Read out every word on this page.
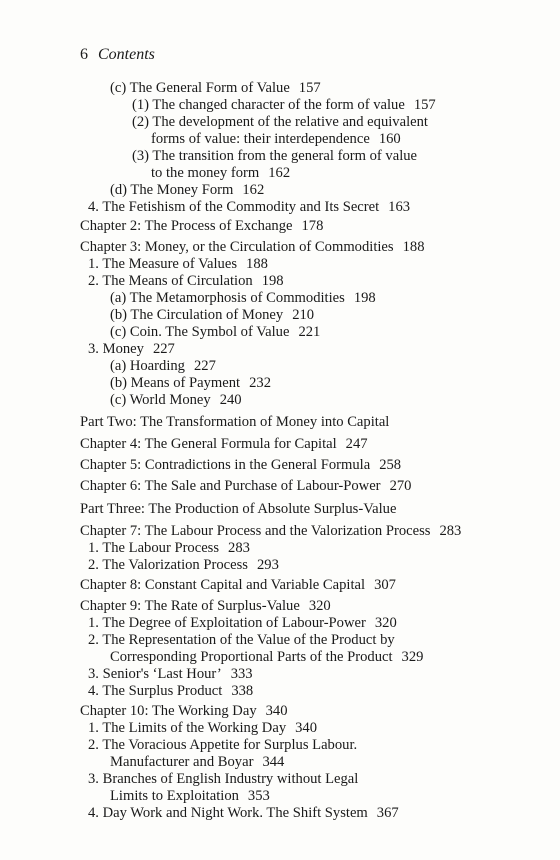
6 Contents
(c) The General Form of Value 157
(1) The changed character of the form of value 157
(2) The development of the relative and equivalent
forms of value: their interdependence 160
(3) The transition from the general form of value
to the money form 162
(d) The Money Form 162
4. The Fetishism of the Commodity and Its Secret 163
Chapter 2: The Process of Exchange 178
Chapter 3: Money, or the Circulation of Commodities 188
1. The Measure of Values 188
2. The Means of Circulation 198
(a) The Metamorphosis of Commodities 198
(b) The Circulation of Money 210
(c) Coin. The Symbol of Value 221
3. Money 227
(a) Hoarding 227
(b) Means of Payment 232
(c) World Money 240
Part Two: The Transformation of Money into Capital
Chapter 4: The General Formula for Capital 247
Chapter 5: Contradictions in the General Formula 258
Chapter 6: The Sale and Purchase of Labour-Power 270
Part Three: The Production of Absolute Surplus-Value
Chapter 7: The Labour Process and the Valorization Process 283
1. The Labour Process 283
2. The Valorization Process 293
Chapter 8: Constant Capital and Variable Capital 307
Chapter 9: The Rate of Surplus-Value 320
1. The Degree of Exploitation of Labour-Power 320
2. The Representation of the Value of the Product by
Corresponding Proportional Parts of the Product 329
3. Senior's ‘Last Hour’ 333
4. The Surplus Product 338
Chapter 10: The Working Day 340
1. The Limits of the Working Day 340
2. The Voracious Appetite for Surplus Labour.
Manufacturer and Boyar 344
3. Branches of English Industry without Legal
Limits to Exploitation 353
4. Day Work and Night Work. The Shift System 367
